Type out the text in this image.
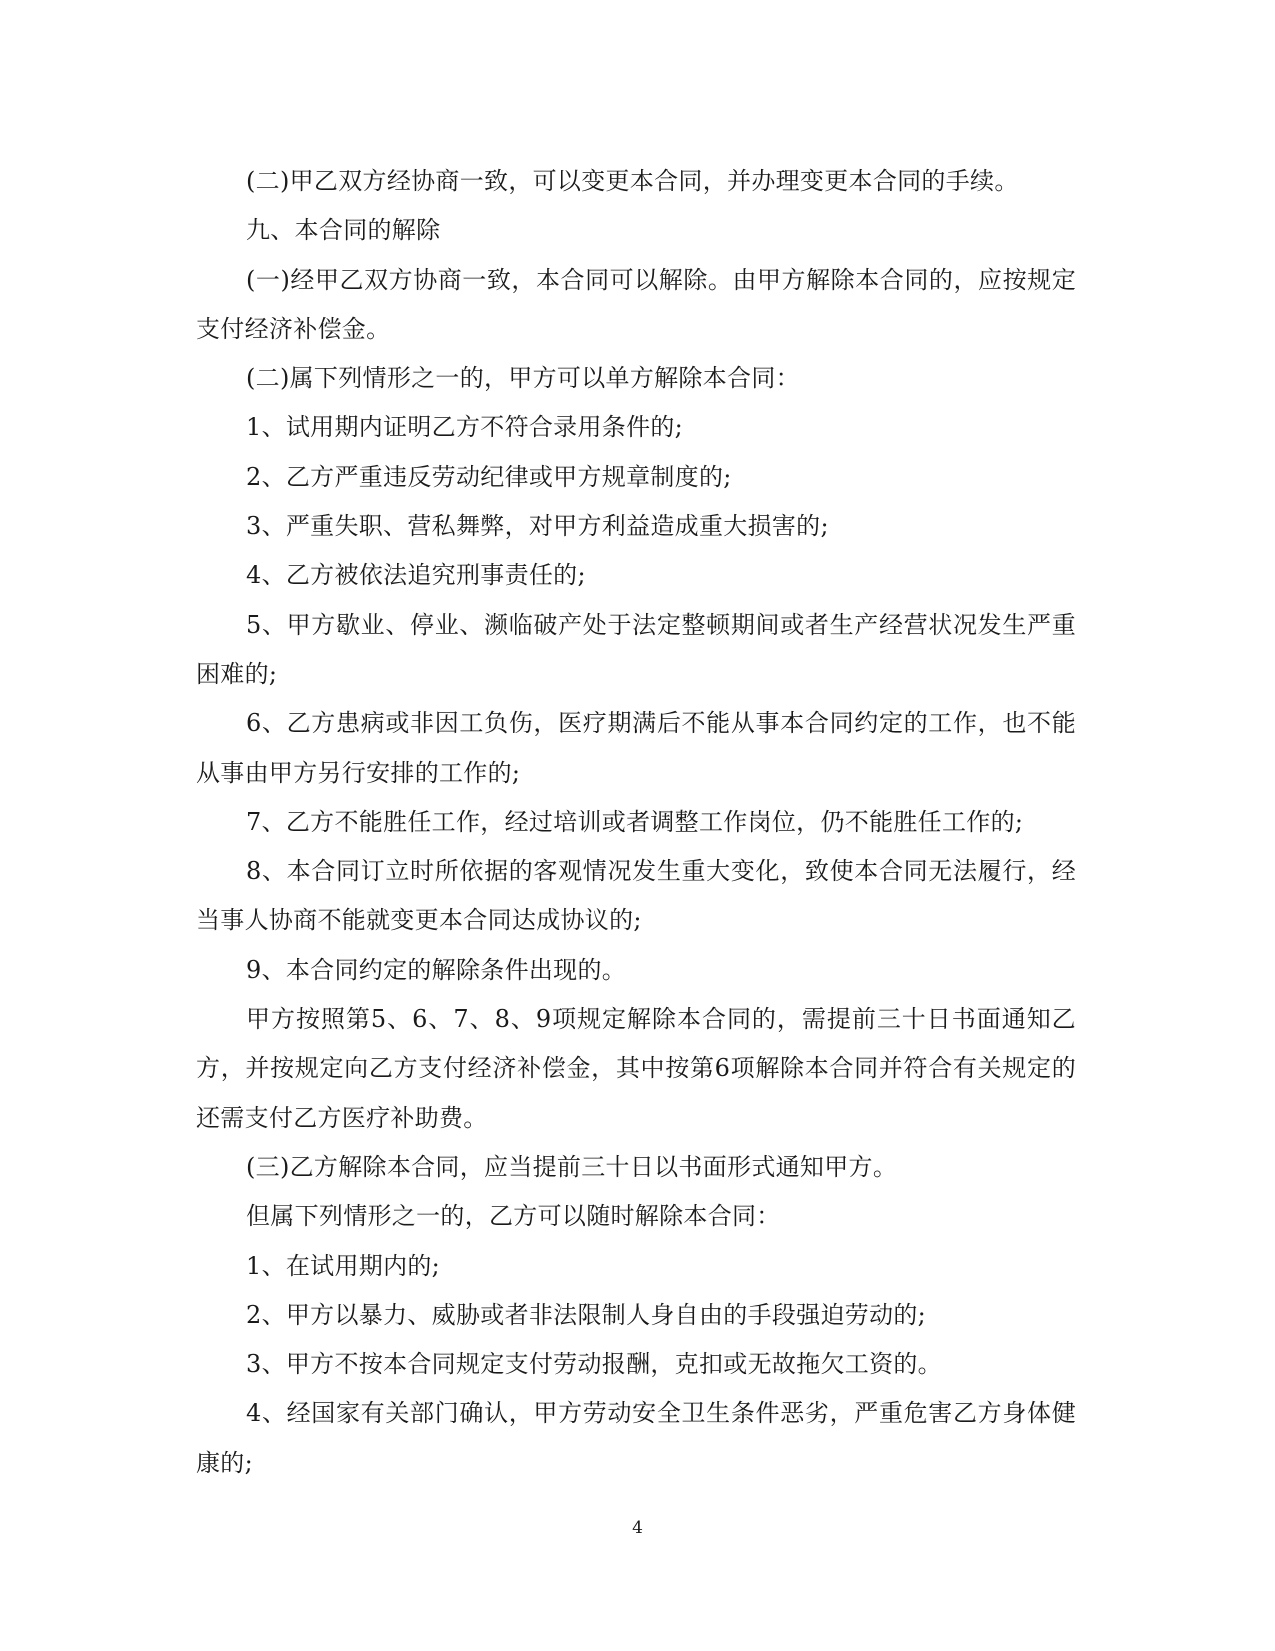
(二)甲乙双方经协商一致，可以变更本合同，并办理变更本合同的手续。

九、本合同的解除

(一)经甲乙双方协商一致，本合同可以解除。由甲方解除本合同的，应按规定支付经济补偿金。

(二)属下列情形之一的，甲方可以单方解除本合同：

1、试用期内证明乙方不符合录用条件的;

2、乙方严重违反劳动纪律或甲方规章制度的;

3、严重失职、营私舞弊，对甲方利益造成重大损害的;

4、乙方被依法追究刑事责任的;

5、甲方歇业、停业、濒临破产处于法定整顿期间或者生产经营状况发生严重困难的;

6、乙方患病或非因工负伤，医疗期满后不能从事本合同约定的工作，也不能从事由甲方另行安排的工作的;

7、乙方不能胜任工作，经过培训或者调整工作岗位，仍不能胜任工作的;

8、本合同订立时所依据的客观情况发生重大变化，致使本合同无法履行，经当事人协商不能就变更本合同达成协议的;

9、本合同约定的解除条件出现的。

甲方按照第5、6、7、8、9项规定解除本合同的，需提前三十日书面通知乙方，并按规定向乙方支付经济补偿金，其中按第6项解除本合同并符合有关规定的还需支付乙方医疗补助费。

(三)乙方解除本合同，应当提前三十日以书面形式通知甲方。

但属下列情形之一的，乙方可以随时解除本合同：

1、在试用期内的;

2、甲方以暴力、威胁或者非法限制人身自由的手段强迫劳动的;

3、甲方不按本合同规定支付劳动报酬，克扣或无故拖欠工资的。

4、经国家有关部门确认，甲方劳动安全卫生条件恶劣，严重危害乙方身体健康的;

4
